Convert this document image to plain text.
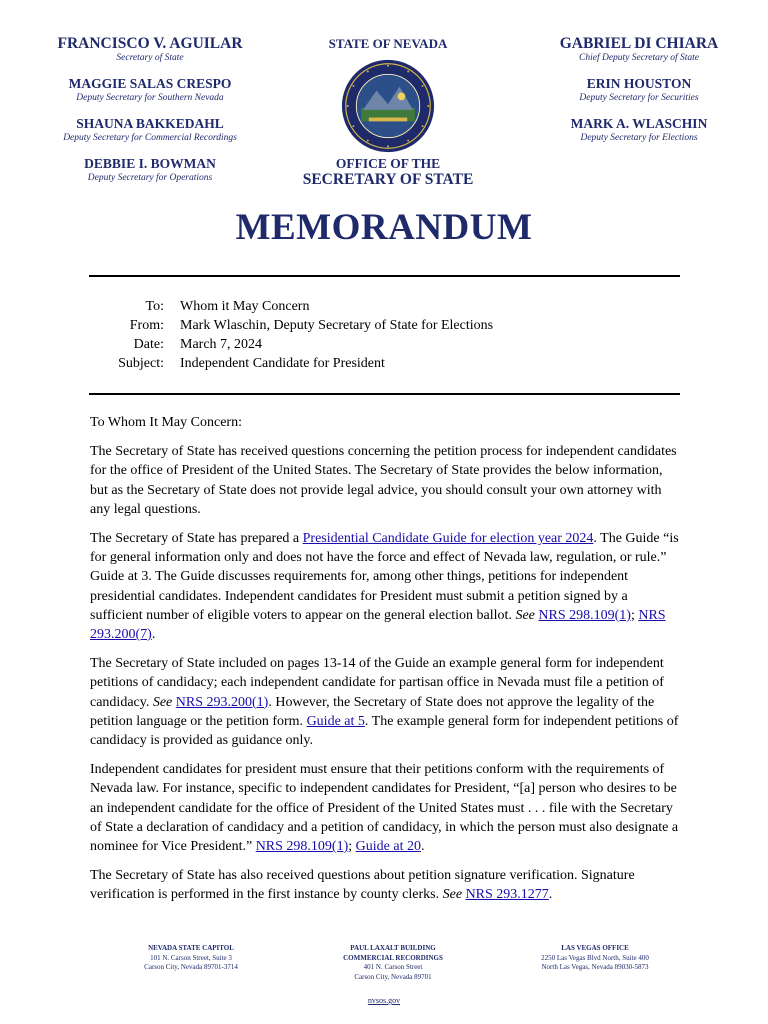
FRANCISCO V. AGUILAR
Secretary of State
MAGGIE SALAS CRESPO
Deputy Secretary for Southern Nevada
SHAUNA BAKKEDAHL
Deputy Secretary for Commercial Recordings
DEBBIE I. BOWMAN
Deputy Secretary for Operations
STATE OF NEVADA
OFFICE OF THE
SECRETARY OF STATE
GABRIEL DI CHIARA
Chief Deputy Secretary of State
ERIN HOUSTON
Deputy Secretary for Securities
MARK A. WLASCHIN
Deputy Secretary for Elections
MEMORANDUM
To: Whom it May Concern
From: Mark Wlaschin, Deputy Secretary of State for Elections
Date: March 7, 2024
Subject: Independent Candidate for President

To Whom It May Concern:

The Secretary of State has received questions concerning the petition process for independent candidates for the office of President of the United States. The Secretary of State provides the below information, but as the Secretary of State does not provide legal advice, you should consult your own attorney with any legal questions.

The Secretary of State has prepared a Presidential Candidate Guide for election year 2024. The Guide “is for general information only and does not have the force and effect of Nevada law, regulation, or rule.” Guide at 3. The Guide discusses requirements for, among other things, petitions for independent presidential candidates. Independent candidates for President must submit a petition signed by a sufficient number of eligible voters to appear on the general election ballot. See NRS 298.109(1); NRS 293.200(7).

The Secretary of State included on pages 13-14 of the Guide an example general form for independent petitions of candidacy; each independent candidate for partisan office in Nevada must file a petition of candidacy. See NRS 293.200(1). However, the Secretary of State does not approve the legality of the petition language or the petition form. Guide at 5. The example general form for independent petitions of candidacy is provided as guidance only.

Independent candidates for president must ensure that their petitions conform with the requirements of Nevada law. For instance, specific to independent candidates for President, “[a] person who desires to be an independent candidate for the office of President of the United States must . . . file with the Secretary of State a declaration of candidacy and a petition of candidacy, in which the person must also designate a nominee for Vice President.” NRS 298.109(1); Guide at 20.

The Secretary of State has also received questions about petition signature verification. Signature verification is performed in the first instance by county clerks. See NRS 293.1277.

NEVADA STATE CAPITOL
101 N. Carson Street, Suite 3
Carson City, Nevada 89701-3714
PAUL LAXALT BUILDING
COMMERCIAL RECORDINGS
401 N. Carson Street
Carson City, Nevada 89701
LAS VEGAS OFFICE
2250 Las Vegas Blvd North, Suite 400
North Las Vegas, Nevada 89030-5873
nvsos.gov
